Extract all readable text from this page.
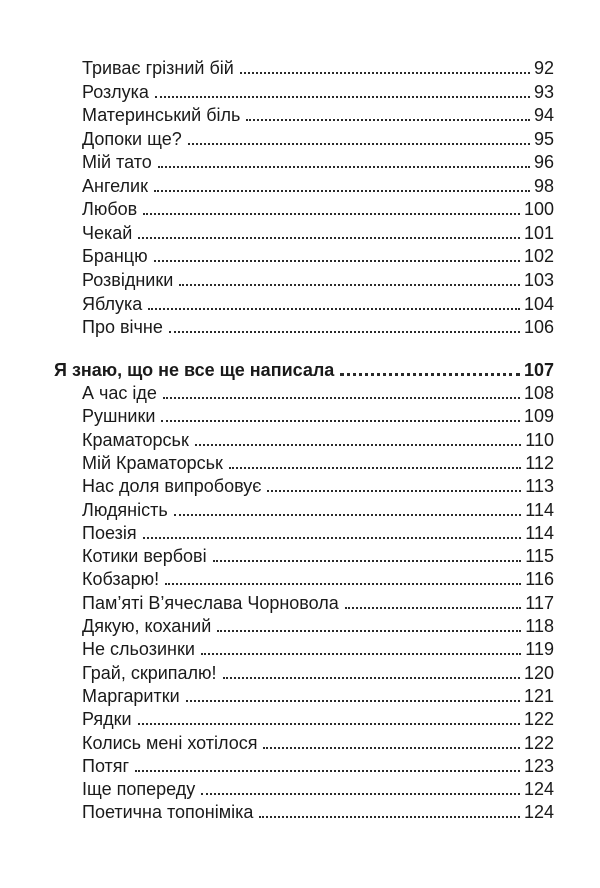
Триває грізний бій	92
Розлука	93
Материнський біль	94
Допоки ще?	95
Мій тато	96
Ангелик	98
Любов	100
Чекай	101
Бранцю	102
Розвідники	103
Яблука	104
Про вічне	106
Я знаю, що не все ще написала	107
А час іде	108
Рушники	109
Краматорськ	110
Мій Краматорськ	112
Нас доля випробовує	113
Людяність	114
Поезія	114
Котики вербові	115
Кобзарю!	116
Пам’яті В’ячеслава Чорновола	117
Дякую, коханий	118
Не сльозинки	119
Грай, скрипалю!	120
Маргаритки	121
Рядки	122
Колись мені хотілося	122
Потяг	123
Іще попереду	124
Поетична топоніміка	124
